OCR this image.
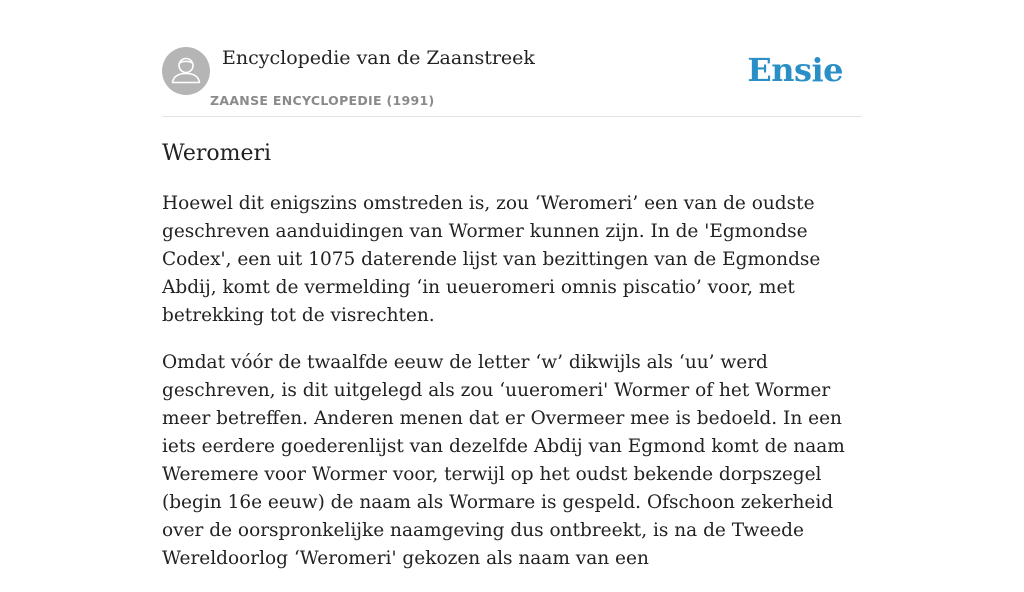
Encyclopedie van de Zaanstreek
ZAANSE ENCYCLOPEDIE (1991)
Ensie
Weromeri

Hoewel dit enigszins omstreden is, zou ‘Weromeri’ een van de oudste geschreven aanduidingen van Wormer kunnen zijn. In de 'Egmondse Codex', een uit 1075 daterende lijst van bezittingen van de Egmondse Abdij, komt de vermelding ‘in ueueromeri omnis piscatio’ voor, met betrekking tot de visrechten.

Omdat vóór de twaalfde eeuw de letter ‘w’ dikwijls als ‘uu’ werd geschreven, is dit uitgelegd als zou ‘uueromeri' Wormer of het Wormer meer betreffen. Anderen menen dat er Overmeer mee is bedoeld. In een iets eerdere goederenlijst van dezelfde Abdij van Egmond komt de naam Weremere voor Wormer voor, terwijl op het oudst bekende dorpszegel (begin 16e eeuw) de naam als Wormare is gespeld. Ofschoon zekerheid over de oorspronkelijke naamgeving dus ontbreekt, is na de Tweede Wereldoorlog ‘Weromeri' gekozen als naam van een
